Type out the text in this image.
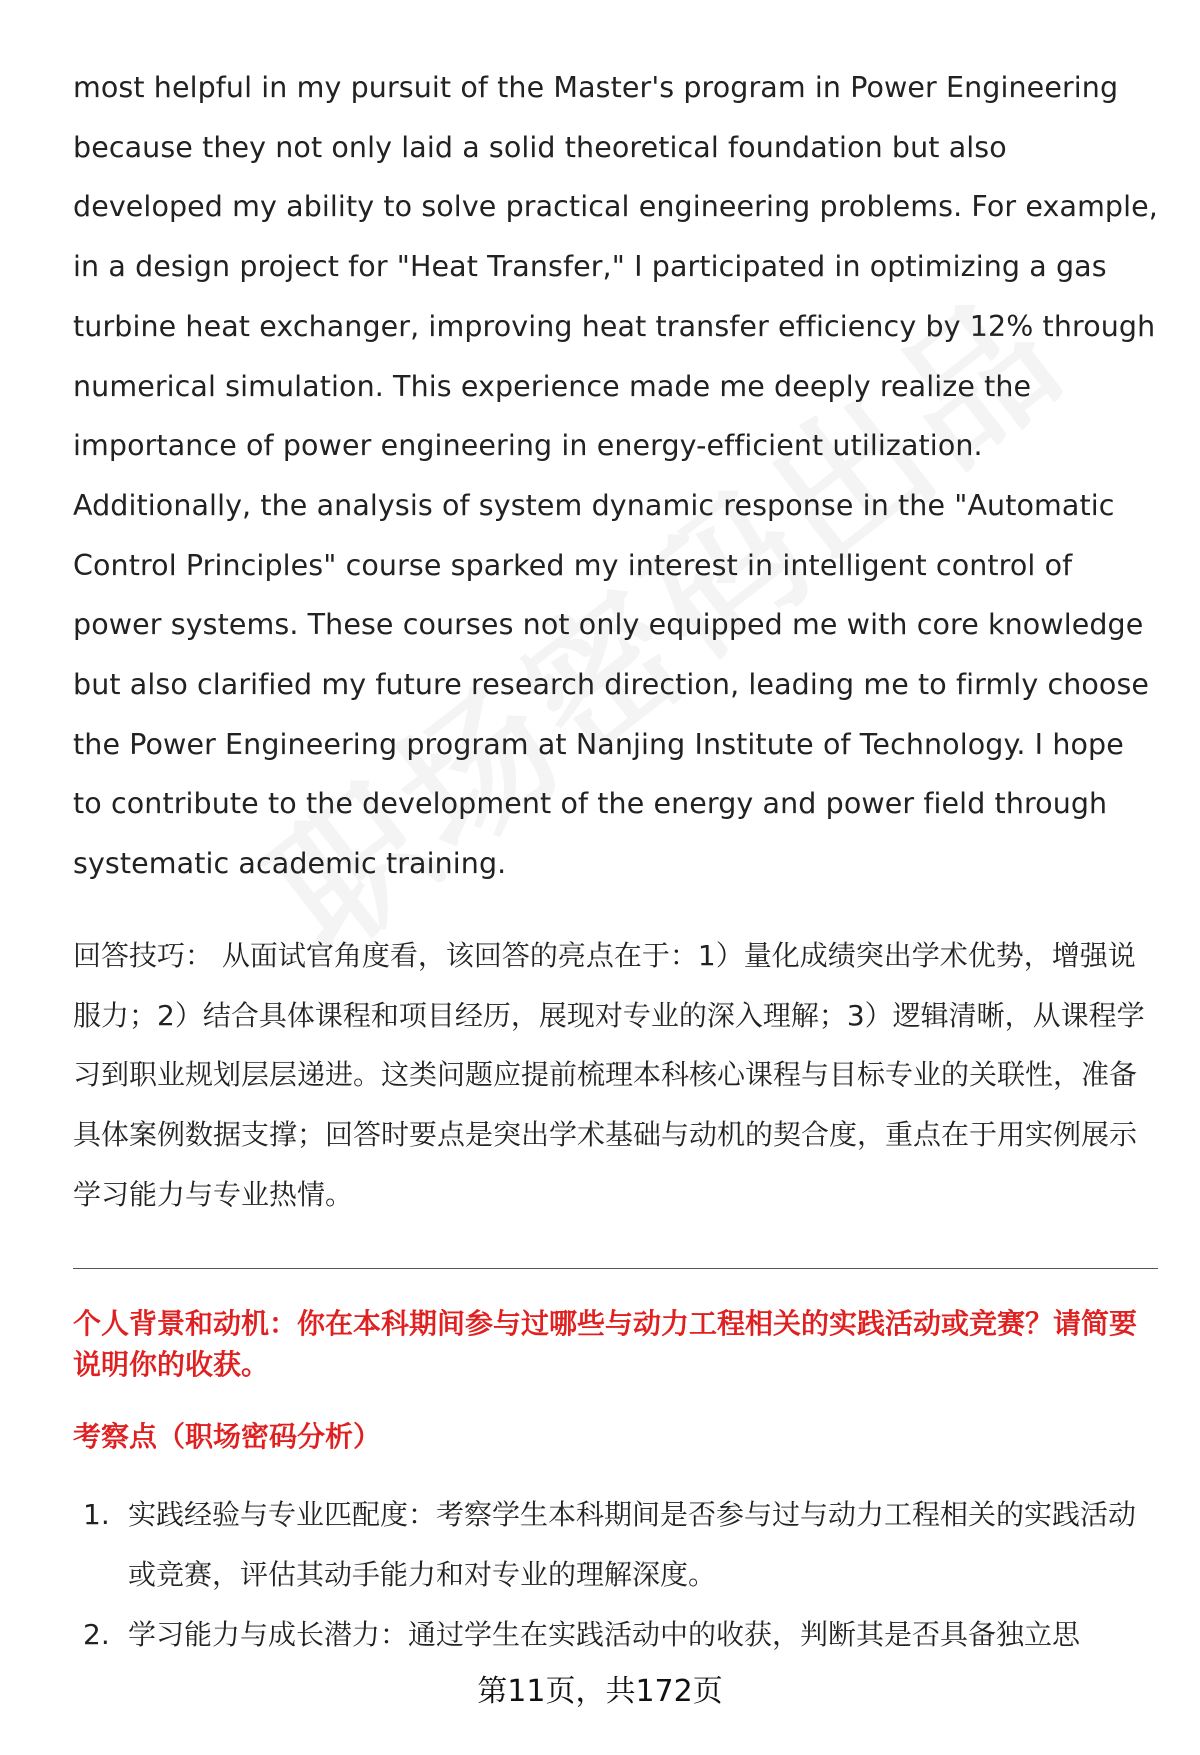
most helpful in my pursuit of the Master's program in Power Engineering because they not only laid a solid theoretical foundation but also developed my ability to solve practical engineering problems. For example, in a design project for "Heat Transfer," I participated in optimizing a gas turbine heat exchanger, improving heat transfer efficiency by 12% through numerical simulation. This experience made me deeply realize the importance of power engineering in energy-efficient utilization. Additionally, the analysis of system dynamic response in the "Automatic Control Principles" course sparked my interest in intelligent control of power systems. These courses not only equipped me with core knowledge but also clarified my future research direction, leading me to firmly choose the Power Engineering program at Nanjing Institute of Technology. I hope to contribute to the development of the energy and power field through systematic academic training.

回答技巧： 从面试官角度看，该回答的亮点在于：1）量化成绩突出学术优势，增强说服力；2）结合具体课程和项目经历，展现对专业的深入理解；3）逻辑清晰，从课程学习到职业规划层层递进。这类问题应提前梳理本科核心课程与目标专业的关联性，准备具体案例数据支撑；回答时要点是突出学术基础与动机的契合度，重点在于用实例展示学习能力与专业热情。

个人背景和动机：你在本科期间参与过哪些与动力工程相关的实践活动或竞赛？请简要说明你的收获。
考察点（职场密码分析）
1. 实践经验与专业匹配度：考察学生本科期间是否参与过与动力工程相关的实践活动或竞赛，评估其动手能力和对专业的理解深度。
2. 学习能力与成长潜力：通过学生在实践活动中的收获，判断其是否具备独立思
第11页，共172页
